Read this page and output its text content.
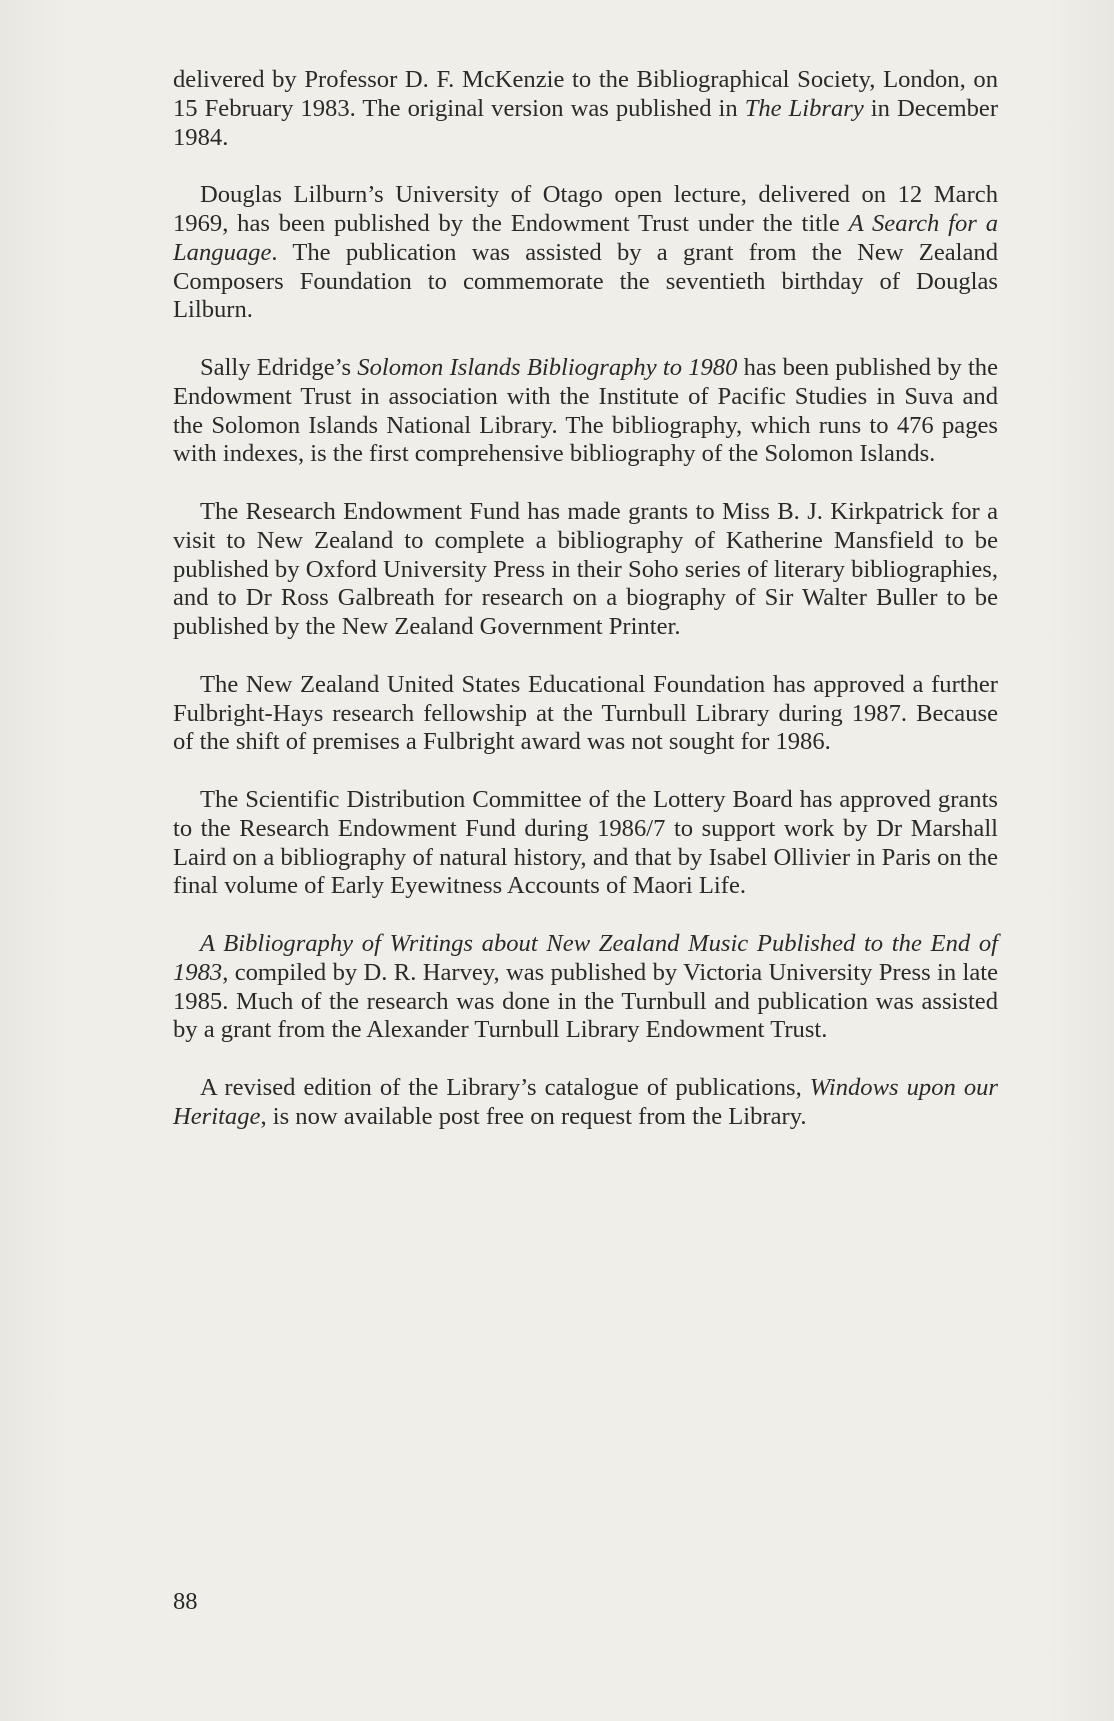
delivered by Professor D. F. McKenzie to the Bibliographical Society, London, on 15 February 1983. The original version was published in The Library in December 1984.

Douglas Lilburn’s University of Otago open lecture, delivered on 12 March 1969, has been published by the Endowment Trust under the title A Search for a Language. The publication was assisted by a grant from the New Zealand Composers Foundation to commemorate the seventieth birthday of Douglas Lilburn.

Sally Edridge’s Solomon Islands Bibliography to 1980 has been published by the Endowment Trust in association with the Institute of Pacific Studies in Suva and the Solomon Islands National Library. The bibliography, which runs to 476 pages with indexes, is the first comprehensive bibliography of the Solomon Islands.

The Research Endowment Fund has made grants to Miss B. J. Kirkpatrick for a visit to New Zealand to complete a bibliography of Katherine Mansfield to be published by Oxford University Press in their Soho series of literary bibliographies, and to Dr Ross Galbreath for research on a biography of Sir Walter Buller to be published by the New Zealand Government Printer.

The New Zealand United States Educational Foundation has approved a further Fulbright-Hays research fellowship at the Turnbull Library during 1987. Because of the shift of premises a Fulbright award was not sought for 1986.

The Scientific Distribution Committee of the Lottery Board has approved grants to the Research Endowment Fund during 1986/7 to support work by Dr Marshall Laird on a bibliography of natural history, and that by Isabel Ollivier in Paris on the final volume of Early Eyewitness Accounts of Maori Life.

A Bibliography of Writings about New Zealand Music Published to the End of 1983, compiled by D. R. Harvey, was published by Victoria University Press in late 1985. Much of the research was done in the Turnbull and publication was assisted by a grant from the Alexander Turnbull Library Endowment Trust.

A revised edition of the Library’s catalogue of publications, Windows upon our Heritage, is now available post free on request from the Library.

88
